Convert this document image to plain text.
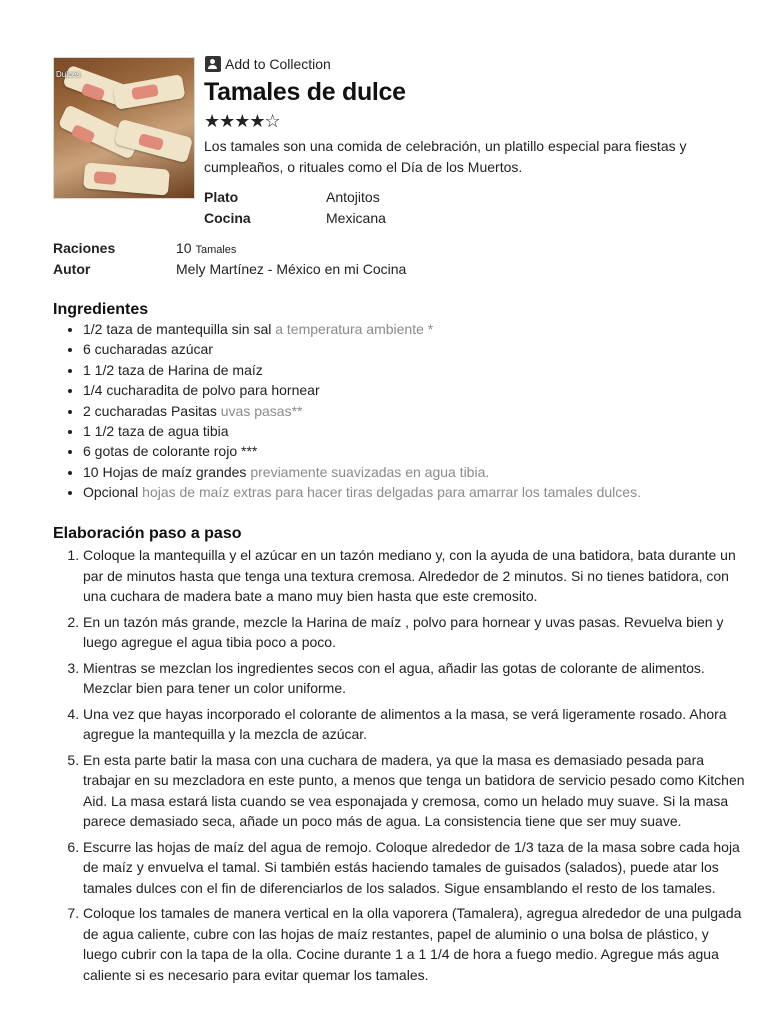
Dulces
Add to Collection
Tamales de dulce
★★★★☆

Los tamales son una comida de celebración, un platillo especial para fiestas y cumpleaños, o rituales como el Día de los Muertos.

Plato	Antojitos
Cocina	Mexicana
Raciones	10 Tamales
Autor	Mely Martínez - México en mi Cocina
Ingredientes
• 1/2 taza de mantequilla sin sal a temperatura ambiente *
• 6 cucharadas azúcar
• 1 1/2 taza de Harina de maíz
• 1/4 cucharadita de polvo para hornear
• 2 cucharadas Pasitas uvas pasas**
• 1 1/2 taza de agua tibia
• 6 gotas de colorante rojo ***
• 10 Hojas de maíz grandes previamente suavizadas en agua tibia.
• Opcional hojas de maíz extras para hacer tiras delgadas para amarrar los tamales dulces.
Elaboración paso a paso
1. Coloque la mantequilla y el azúcar en un tazón mediano y, con la ayuda de una batidora, bata durante un par de minutos hasta que tenga una textura cremosa. Alrededor de 2 minutos. Si no tienes batidora, con una cuchara de madera bate a mano muy bien hasta que este cremosito.
2. En un tazón más grande, mezcle la Harina de maíz , polvo para hornear y uvas pasas. Revuelva bien y luego agregue el agua tibia poco a poco.
3. Mientras se mezclan los ingredientes secos con el agua, añadir las gotas de colorante de alimentos. Mezclar bien para tener un color uniforme.
4. Una vez que hayas incorporado el colorante de alimentos a la masa, se verá ligeramente rosado. Ahora agregue la mantequilla y la mezcla de azúcar.
5. En esta parte batir la masa con una cuchara de madera, ya que la masa es demasiado pesada para trabajar en su mezcladora en este punto, a menos que tenga un batidora de servicio pesado como Kitchen Aid. La masa estará lista cuando se vea esponajada y cremosa, como un helado muy suave. Si la masa parece demasiado seca, añade un poco más de agua. La consistencia tiene que ser muy suave.
6. Escurre las hojas de maíz del agua de remojo. Coloque alrededor de 1/3 taza de la masa sobre cada hoja de maíz y envuelva el tamal. Si también estás haciendo tamales de guisados (salados), puede atar los tamales dulces con el fin de diferenciarlos de los salados. Sigue ensamblando el resto de los tamales.
7. Coloque los tamales de manera vertical en la olla vaporera (Tamalera), agregua alrededor de una pulgada de agua caliente, cubre con las hojas de maíz restantes, papel de aluminio o una bolsa de plástico, y luego cubrir con la tapa de la olla. Cocine durante 1 a 1 1/4 de hora a fuego medio. Agregue más agua caliente si es necesario para evitar quemar los tamales.
